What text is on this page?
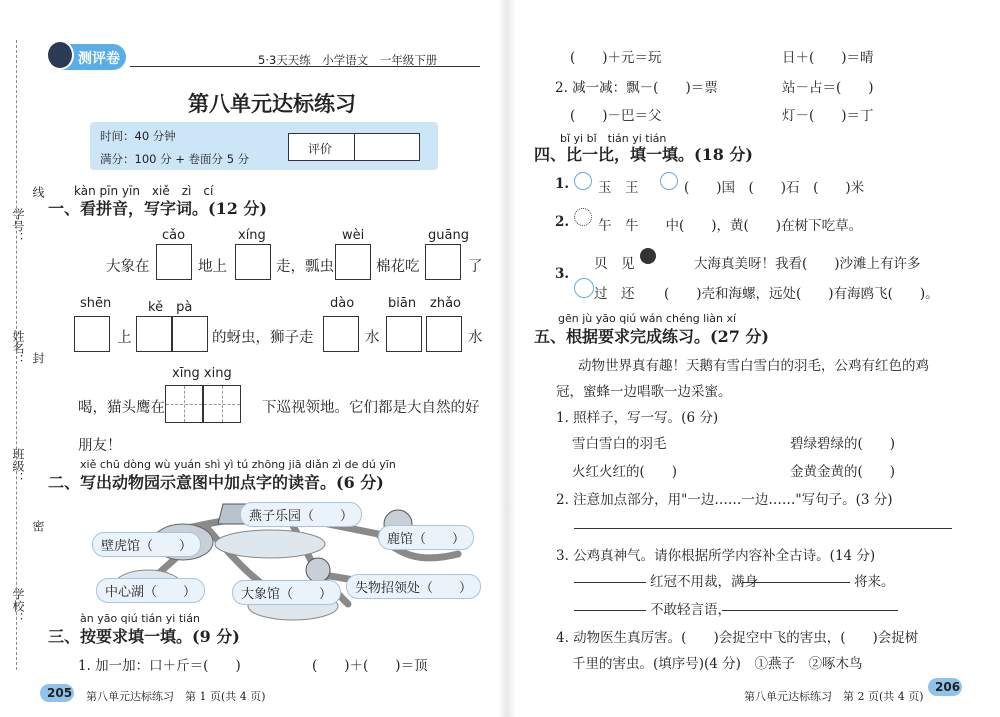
学号：
姓名：
班级：
学校：
线
封
密
测评卷	5·3天天练　小学语文　一年级下册
第八单元达标练习
时间：40 分钟
满分：100 分 + 卷面分 5 分
评价
kàn pīn yīn　xiě　zì　cí
一、看拼音，写字词。(12 分)
cǎo	xíng	wèi	guāng
大象在	地上	走，瓢虫	棉花吃	了
shēn	kě　pà	dào	biān zhǎo
上	的蚜虫，狮子走	水	水
xīng xing
喝，猫头鹰在	下巡视领地。它们都是大自然的好
朋友！
xiě chū dòng wù yuán shì yì tú zhōng jiā diǎn zì de dú yīn
二、写出动物园示意图中加点字的读音。(6 分)
燕子乐园（　　）
壁虎馆（　　）	鹿馆（　　）
中心湖（　　）	大象馆（　　）	失物招领处（　　）
àn yāo qiú tián yi tián
三、按要求填一填。(9 分)
1. 加一加：口＋斤＝(　　)	(　　)＋(　　)＝顶
205 第八单元达标练习　第 1 页(共 4 页)
(　　)＋元＝玩	日＋(　　)＝晴
2. 减一减：飘－(　　)＝票	站－占＝(　　)
(　　)－巴＝父	灯－(　　)＝丁
bǐ yi bǐ　tián yi tián
四、比一比，填一填。(18 分)
1. 玉　王	(　　)国　(　　)石　(　　)米
2. 午　牛　　中(　　)，黄(　　)在树下吃草。
3.
贝　见	大海真美呀！我看(　　)沙滩上有许多
过　还 (　　)壳和海螺，远处(　　)有海鸥飞(　　)。
gēn jù yāo qiú wán chéng liàn xí
五、根据要求完成练习。(27 分)
动物世界真有趣！天鹅有雪白雪白的羽毛，公鸡有红色的鸡
冠，蜜蜂一边唱歌一边采蜜。
1. 照样子，写一写。(6 分)
雪白雪白的羽毛	碧绿碧绿的(　　)
火红火红的(　　)	金黄金黄的(　　)
2. 注意加点部分，用"一边……一边……"写句子。(3 分)
3. 公鸡真神气。请你根据所学内容补全古诗。(14 分)
红冠不用裁，满身	将来。
不敢轻言语，
4. 动物医生真厉害。(　　)会捉空中飞的害虫，(　　)会捉树
千里的害虫。(填序号)(4 分)　①燕子　②啄木鸟
第八单元达标练习　第 2 页(共 4 页)
206
